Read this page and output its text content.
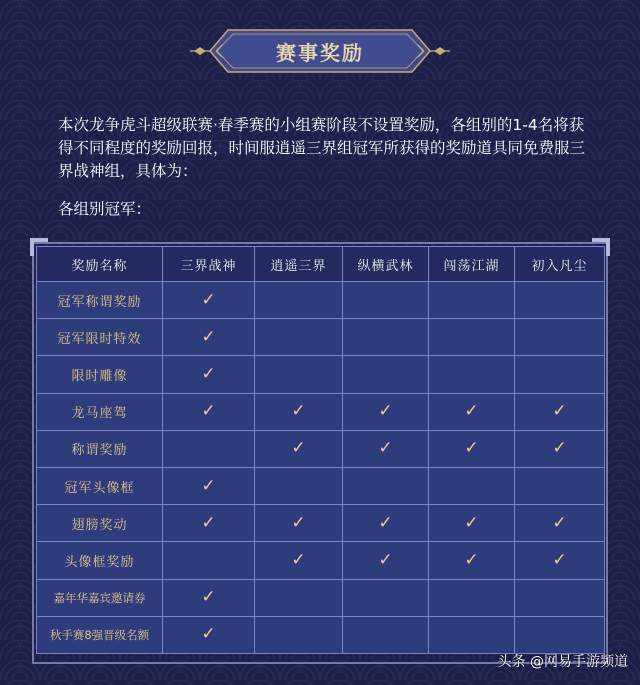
赛事奖励
本次龙争虎斗超级联赛·春季赛的小组赛阶段不设置奖励，各组别的1-4名将获得不同程度的奖励回报，时间服逍遥三界组冠军所获得的奖励道具同免费服三界战神组，具体为：
各组别冠军：
奖励名称	三界战神	逍遥三界	纵横武林	闯荡江湖	初入凡尘
冠军称谓奖励	✓				
冠军限时特效	✓				
限时雕像	✓				
龙马座驾	✓	✓	✓	✓	✓
称谓奖励		✓	✓	✓	✓
冠军头像框	✓				
翅膀奖动	✓	✓	✓	✓	✓
头像框奖励		✓	✓	✓	✓
嘉年华嘉宾邀请券	✓				
秋手赛8强晋级名额	✓				
头条 @网易手游频道
